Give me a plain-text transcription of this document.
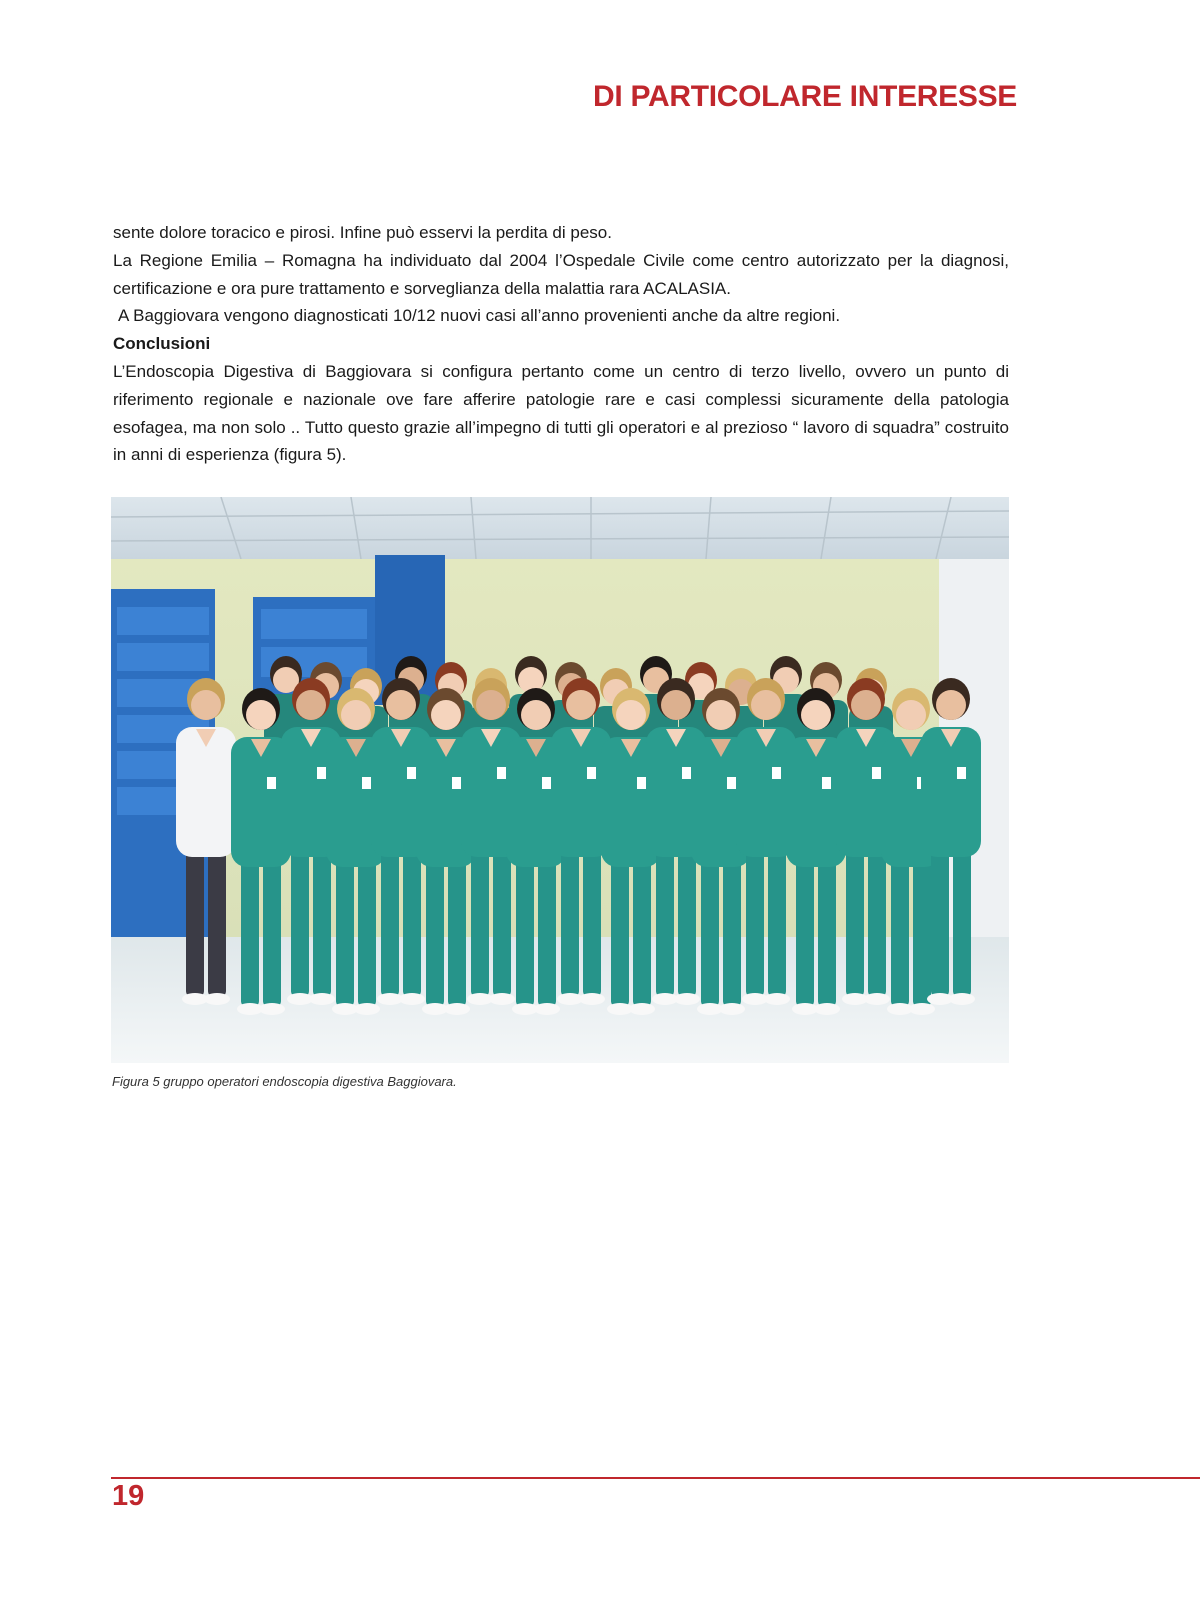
DI PARTICOLARE INTERESSE

sente dolore toracico e pirosi. Infine può esservi la perdita di peso.

La Regione Emilia – Romagna ha individuato dal 2004 l’Ospedale Civile come centro autorizzato per la diagnosi, certificazione e ora pure trattamento e sorveglianza della malattia rara ACALASIA.

A Baggiovara vengono diagnosticati 10/12 nuovi casi all’anno provenienti anche da altre regioni.

Conclusioni

L’Endoscopia Digestiva di Baggiovara si configura pertanto come un centro di terzo livello, ovvero un punto di riferimento regionale e nazionale ove fare afferire patologie rare e casi complessi sicuramente della patologia esofagea, ma non solo .. Tutto questo grazie all’impegno di tutti gli operatori e al prezioso “ lavoro di squadra” costruito in anni di esperienza (figura 5).

Figura 5 gruppo operatori endoscopia digestiva Baggiovara.

19
